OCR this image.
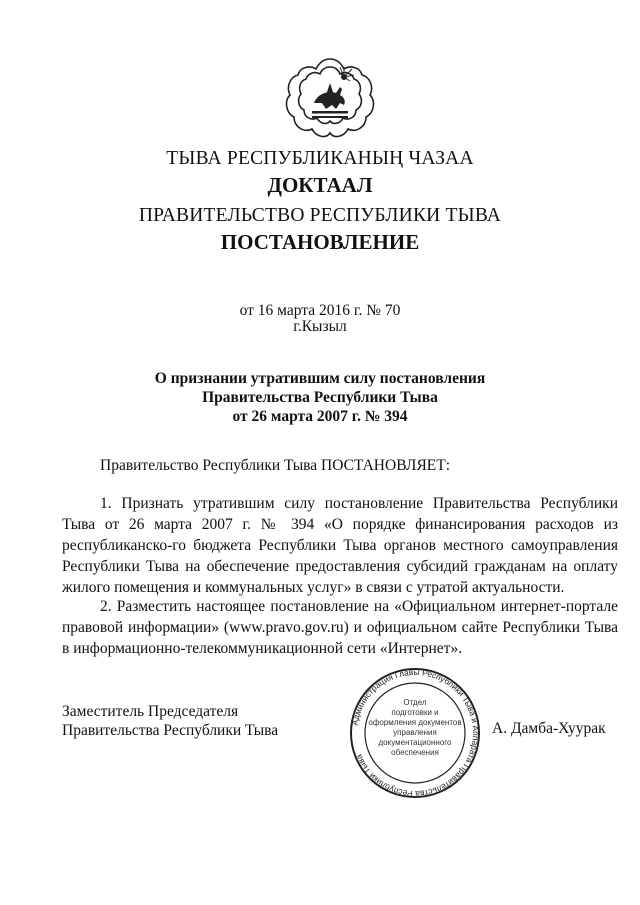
ТЫВА РЕСПУБЛИКАНЫҢ ЧАЗАА
ДОКТААЛ
ПРАВИТЕЛЬСТВО РЕСПУБЛИКИ ТЫВА
ПОСТАНОВЛЕНИЕ
от 16 марта 2016 г. № 70
г.Кызыл
О признании утратившим силу постановления
Правительства Республики Тыва
от 26 марта 2007 г. № 394
Правительство Республики Тыва ПОСТАНОВЛЯЕТ:
1. Признать утратившим силу постановление Правительства Республики Тыва от 26 марта 2007 г. № 394 «О порядке финансирования расходов из республиканско-го бюджета Республики Тыва органов местного самоуправления Республики Тыва на обеспечение предоставления субсидий гражданам на оплату жилого помещения и коммунальных услуг» в связи с утратой актуальности.
2. Разместить настоящее постановление на «Официальном интернет-портале правовой информации» (www.pravo.gov.ru) и официальном сайте Республики Тыва в информационно-телекоммуникационной сети «Интернет».
Заместитель Председателя
Правительства Республики Тыва	А. Дамба-Хуурак
Администрация Главы Республики Тыва и Аппарата Правительства Республики Тыва
Отдел
подготовки и
оформления документов
управления
документационного
обеспечения
